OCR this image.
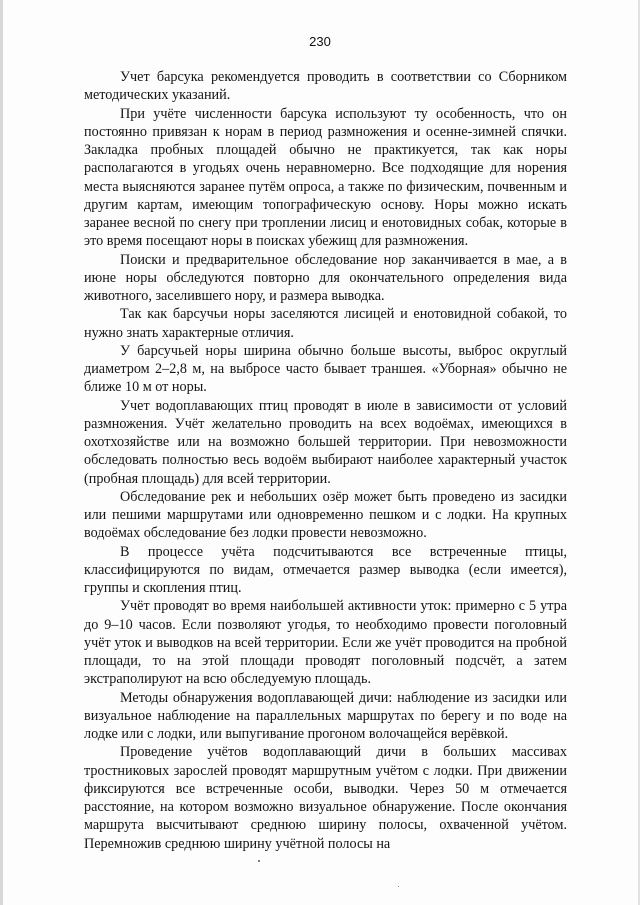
230

Учет барсука рекомендуется проводить в соответствии со Сборником методических указаний.

При учёте численности барсука используют ту особенность, что он постоянно привязан к норам в период размножения и осенне-зимней спячки. Закладка пробных площадей обычно не практикуется, так как норы располагаются в угодьях очень неравномерно. Все подходящие для норения места выясняются заранее путём опроса, а также по физическим, почвенным и другим картам, имеющим топографическую основу. Норы можно искать заранее весной по снегу при троплении лисиц и енотовидных собак, которые в это время посещают норы в поисках убежищ для размножения.

Поиски и предварительное обследование нор заканчивается в мае, а в июне норы обследуются повторно для окончательного определения вида животного, заселившего нору, и размера выводка.

Так как барсучьи норы заселяются лисицей и енотовидной собакой, то нужно знать характерные отличия.

У барсучьей норы ширина обычно больше высоты, выброс округлый диаметром 2–2,8 м, на выбросе часто бывает траншея. «Уборная» обычно не ближе 10 м от норы.

Учет водоплавающих птиц проводят в июле в зависимости от условий размножения. Учёт желательно проводить на всех водоёмах, имеющихся в охотхозяйстве или на возможно большей территории. При невозможности обследовать полностью весь водоём выбирают наиболее характерный участок (пробная площадь) для всей территории.

Обследование рек и небольших озёр может быть проведено из засидки или пешими маршрутами или одновременно пешком и с лодки. На крупных водоёмах обследование без лодки провести невозможно.

В процессе учёта подсчитываются все встреченные птицы, классифицируются по видам, отмечается размер выводка (если имеется), группы и скопления птиц.

Учёт проводят во время наибольшей активности уток: примерно с 5 утра до 9–10 часов. Если позволяют угодья, то необходимо провести поголовный учёт уток и выводков на всей территории. Если же учёт проводится на пробной площади, то на этой площади проводят поголовный подсчёт, а затем экстраполируют на всю обследуемую площадь.

Методы обнаружения водоплавающей дичи: наблюдение из засидки или визуальное наблюдение на параллельных маршрутах по берегу и по воде на лодке или с лодки, или выпугивание прогоном волочащейся верёвкой.

Проведение учётов водоплавающий дичи в больших массивах тростниковых зарослей проводят маршрутным учётом с лодки. При движении фиксируются все встреченные особи, выводки. Через 50 м отмечается расстояние, на котором возможно визуальное обнаружение. После окончания маршрута высчитывают среднюю ширину полосы, охваченной учётом. Перемножив среднюю ширину учётной полосы на
